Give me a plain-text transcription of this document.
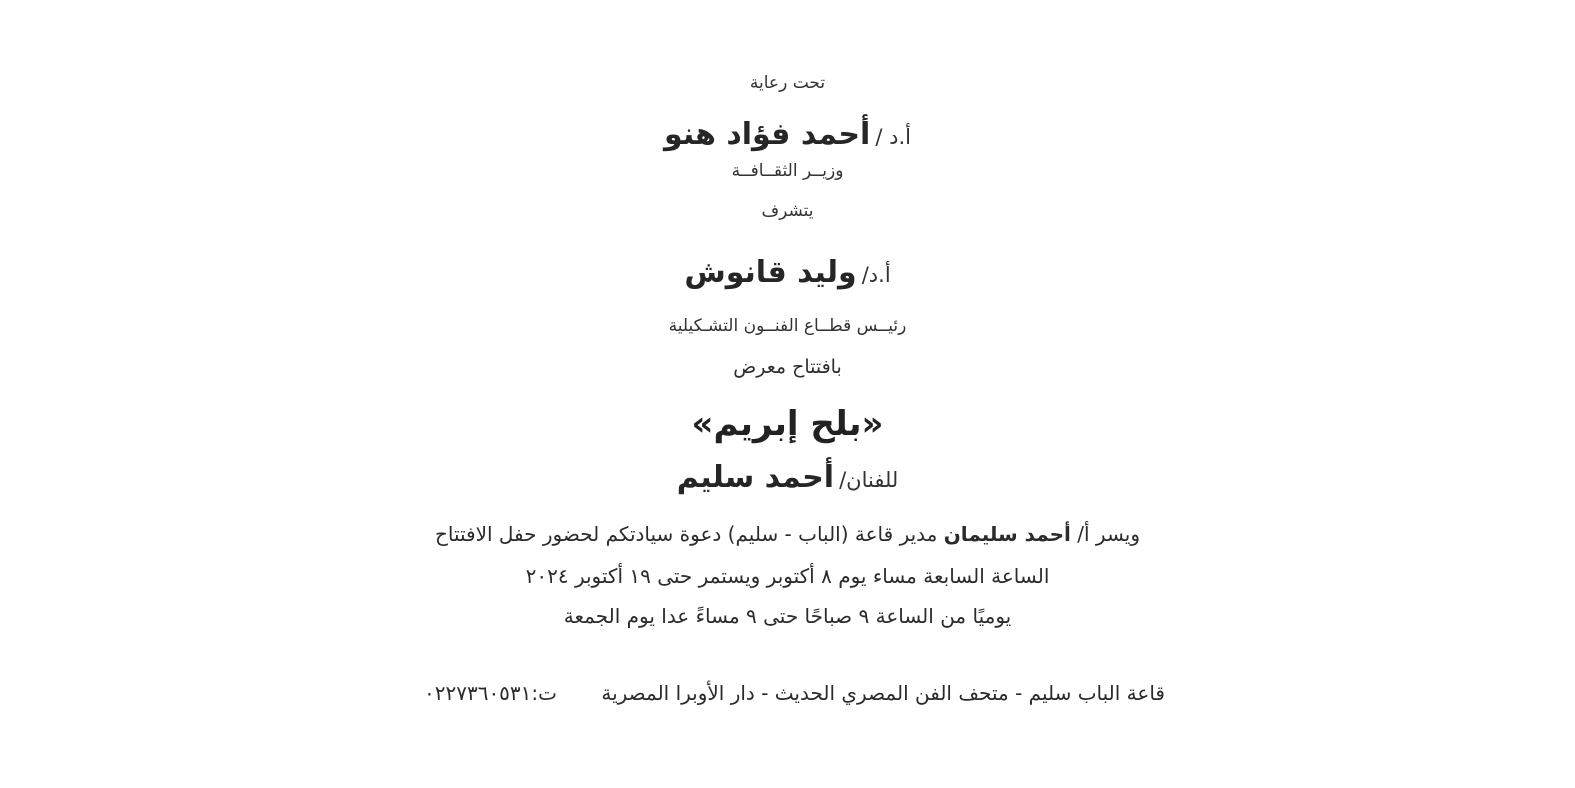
تحت رعاية
أ.د / أحمد فؤاد هنو
وزيــر الثقــافــة
يتشرف
أ.د/ وليد قانوش
رئيــس قطــاع الفنــون التشـكيلية
بافتتاح معرض
«بلح إبريم»
للفنان/ أحمد سليم
ويسر أ/ أحمد سليمان مدير قاعة (الباب - سليم) دعوة سيادتكم لحضور حفل الافتتاح
الساعة السابعة مساء يوم ٨ أكتوبر ويستمر حتى ١٩ أكتوبر ٢٠٢٤
يوميًا من الساعة ٩ صباحًا حتى ٩ مساءً عدا يوم الجمعة
قاعة الباب سليم - متحف الفن المصري الحديث - دار الأوبرا المصرية ت:٠٢٢٧٣٦٠٥٣١
